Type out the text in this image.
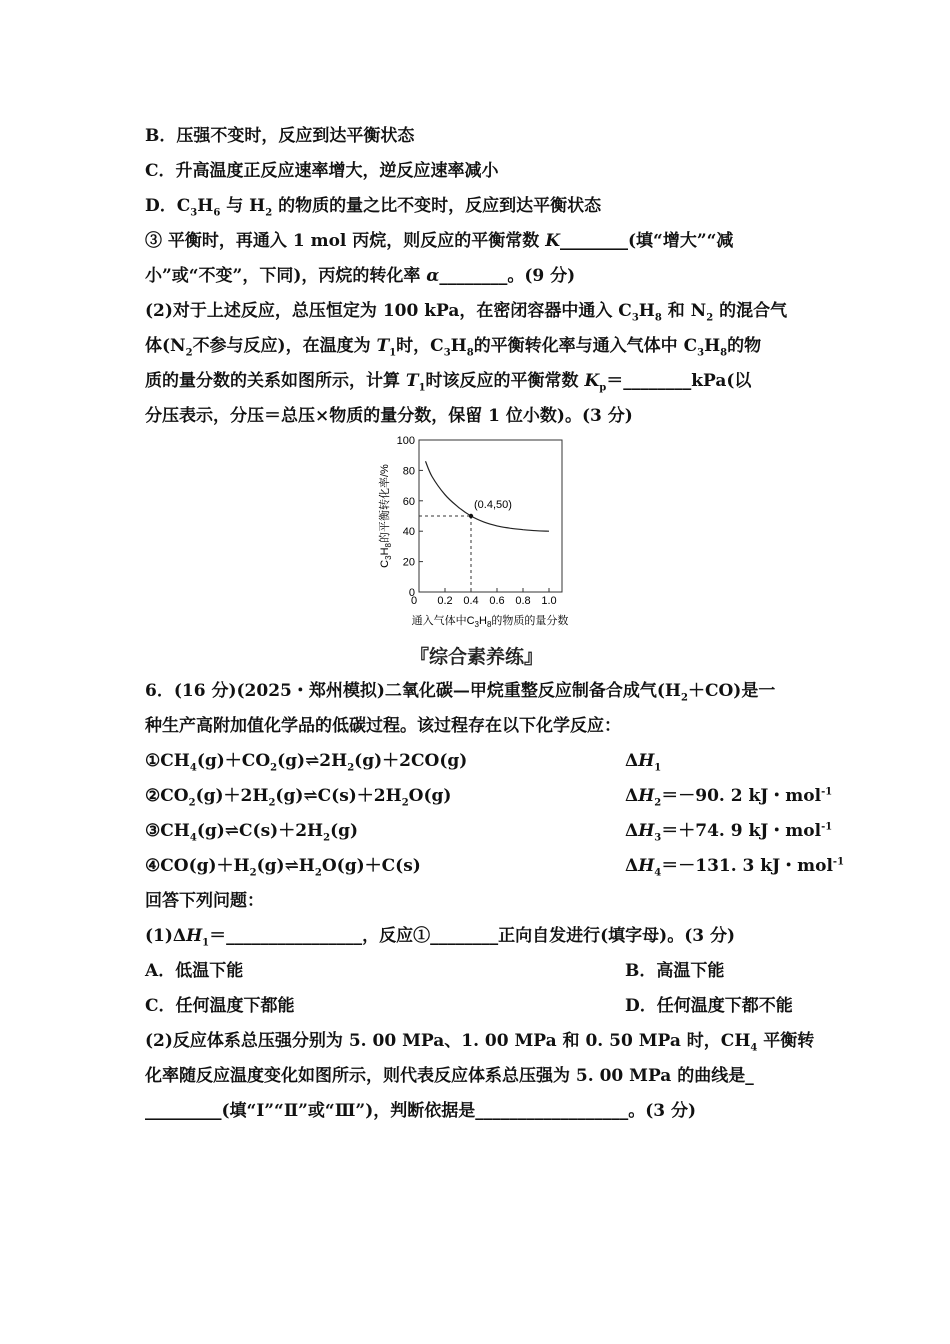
B．压强不变时，反应到达平衡状态
C．升高温度正反应速率增大，逆反应速率减小
D．$C_3H_6$ 与 $H_2$ 的物质的量之比不变时，反应到达平衡状态
③ 平衡时，再通入 1 mol 丙烷，则反应的平衡常数 K________(填“增大”“减
小”或“不变”，下同)，丙烷的转化率 α________。(9 分)
(2)对于上述反应，总压恒定为 100 kPa，在密闭容器中通入 $C_3H_8$ 和 $N_2$ 的混合气
体($N_2$不参与反应)，在温度为 $T_1$时，$C_3H_8$的平衡转化率与通入气体中 $C_3H_8$的物
质的量分数的关系如图所示，计算 $T_1$时该反应的平衡常数 $K_p=\_\_\_\_\_\_\_\_kPa$(以
分压表示，分压＝总压×物质的量分数，保留 1 位小数)。(3 分)
0
20
40
60
80
100
0.2 0.4 0.6 0.8 1.0
(0.4,50)
0
$C_3H_8$的平衡转化率/%
通入气体中$C_3H_8$的物质的量分数
『综合素养练』
6．(16 分)(2025・郑州模拟)二氧化碳—甲烷重整反应制备合成气$(H_2+CO)$是一
种生产高附加值化学品的低碳过程。该过程存在以下化学反应：
$①CH_4(g)+CO_2(g)\rightleftharpoons 2H_2(g)+2CO(g)$	$\Delta H_1$
$②CO_2(g)+2H_2(g)\rightleftharpoons C(s)+2H_2O(g)$	$\Delta H_2=-90$. 2 kJ・mol$^{-1}$
$③CH_4(g)\rightleftharpoons C(s)+2H_2(g)$	$\Delta H_3=+74$. 9 kJ・mol$^{-1}$
$④CO(g)+H_2(g)\rightleftharpoons H_2O(g)+C(s)$	$\Delta H_4=-131$. 3 kJ・mol$^{-1}$
回答下列问题：
$(1)\Delta H_1=\_\_\_\_\_\_\_\_\_\_\_\_\_\_\_\_$，反应①________正向自发进行(填字母)。(3 分)
A．低温下能	B．高温下能
C．任何温度下都能	D．任何温度下都不能
(2)反应体系总压强分别为 5. 00 MPa、1. 00 MPa 和 0. 50 MPa 时，$CH_4$ 平衡转
化率随反应温度变化如图所示，则代表反应体系总压强为 5. 00 MPa 的曲线是_
_________(填“Ⅰ”“Ⅱ”或“Ⅲ”)，判断依据是__________________。(3 分)
